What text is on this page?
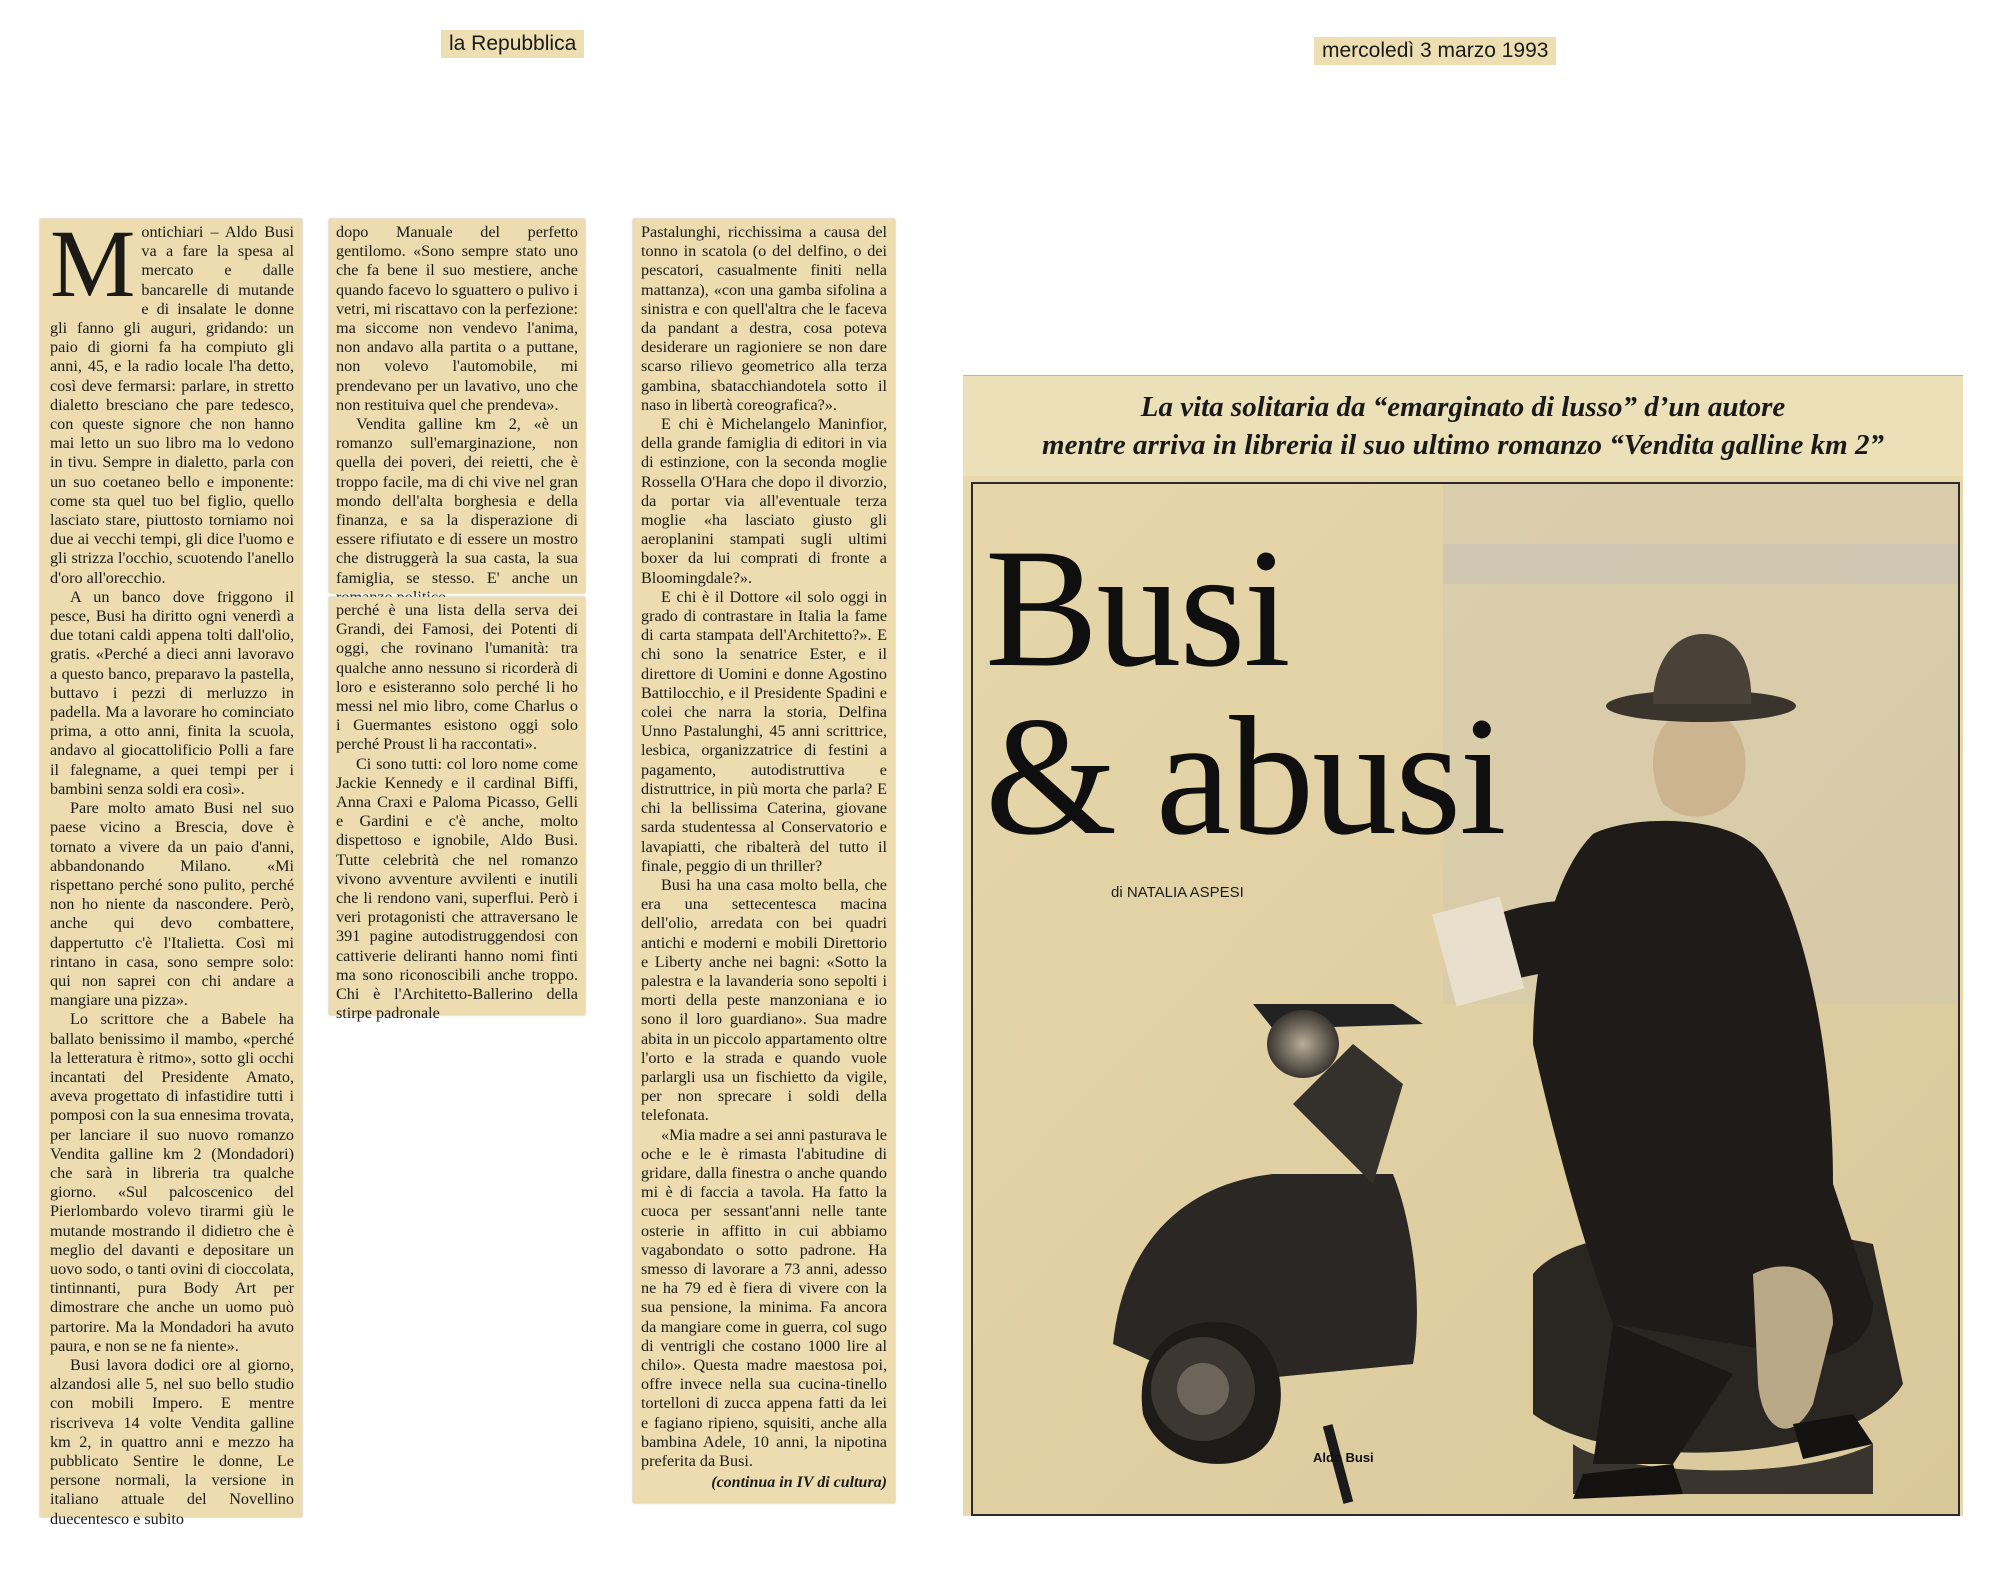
la Repubblica	mercoledì 3 marzo 1993
M ontichiari – Aldo Busi va a fare la spesa al mercato e dalle bancarelle di mutande e di insalate le donne gli fanno gli auguri, gridando: un paio di giorni fa ha compiuto gli anni, 45, e la radio locale l'ha detto, così deve fermarsi: parlare, in stretto dialetto bresciano che pare tedesco, con queste signore che non hanno mai letto un suo libro ma lo vedono in tivu. Sempre in dialetto, parla con un suo coetaneo bello e imponente: come sta quel tuo bel figlio, quello lasciato stare, piuttosto torniamo noi due ai vecchi tempi, gli dice l'uomo e gli strizza l'occhio, scuotendo l'anello d'oro all'orecchio.

A un banco dove friggono il pesce, Busi ha diritto ogni venerdì a due totani caldi appena tolti dall'olio, gratis. «Perché a dieci anni lavoravo a questo banco, preparavo la pastella, buttavo i pezzi di merluzzo in padella. Ma a lavorare ho cominciato prima, a otto anni, finita la scuola, andavo al giocattolificio Polli a fare il falegname, a quei tempi per i bambini senza soldi era così».

Pare molto amato Busi nel suo paese vicino a Brescia, dove è tornato a vivere da un paio d'anni, abbandonando Milano. «Mi rispettano perché sono pulito, perché non ho niente da nascondere. Però, anche qui devo combattere, dappertutto c'è l'Italietta. Così mi rintano in casa, sono sempre solo: qui non saprei con chi andare a mangiare una pizza».

Lo scrittore che a Babele ha ballato benissimo il mambo, «perché la letteratura è ritmo», sotto gli occhi incantati del Presidente Amato, aveva progettato di infastidire tutti i pomposi con la sua ennesima trovata, per lanciare il suo nuovo romanzo Vendita galline km 2 (Mondadori) che sarà in libreria tra qualche giorno. «Sul palcoscenico del Pierlombardo volevo tirarmi giù le mutande mostrando il didietro che è meglio del davanti e depositare un uovo sodo, o tanti ovini di cioccolata, tintinnanti, pura Body Art per dimostrare che anche un uomo può partorire. Ma la Mondadori ha avuto paura, e non se ne fa niente».

Busi lavora dodici ore al giorno, alzandosi alle 5, nel suo bello studio con mobili Impero. E mentre riscriveva 14 volte Vendita galline km 2, in quattro anni e mezzo ha pubblicato Sentire le donne, Le persone normali, la versione in italiano attuale del Novellino duecentesco e subito

dopo Manuale del perfetto gentilomo. «Sono sempre stato uno che fa bene il suo mestiere, anche quando facevo lo sguattero o pulivo i vetri, mi riscattavo con la perfezione: ma siccome non vendevo l'anima, non andavo alla partita o a puttane, non volevo l'automobile, mi prendevano per un lavativo, uno che non restituiva quel che prendeva».

Vendita galline km 2, «è un romanzo sull'emarginazione, non quella dei poveri, dei reietti, che è troppo facile, ma di chi vive nel gran mondo dell'alta borghesia e della finanza, e sa la disperazione di essere rifiutato e di essere un mostro che distruggerà la sua casta, la sua famiglia, se stesso. E' anche un

perché è una lista della serva dei Grandi, dei Famosi, dei Potenti di oggi, che rovinano l'umanità: tra qualche anno nessuno si ricorderà di loro e esisteranno solo perché li ho messi nel mio libro, come Charlus o i Guermantes esistono oggi solo perché Proust li ha raccontati».

Ci sono tutti: col loro nome come Jackie Kennedy e il cardinal Biffi, Anna Craxi e Paloma Picasso, Gelli e Gardini e c'è anche, molto dispettoso e ignobile, Aldo Busi. Tutte celebrità che nel romanzo vivono avventure avvilenti e inutili che li rendono vani, superflui. Però i veri protagonisti che attraversano le 391 pagine autodistruggendosi con cattiverie deliranti hanno nomi finti ma sono riconoscibili anche troppo. Chi è l'Architetto-Ballerino della stirpe padronale

Pastalunghi, ricchissima a causa del tonno in scatola (o del delfino, o dei pescatori, casualmente finiti nella mattanza), «con una gamba sifolina a sinistra e con quell'altra che le faceva da pandant a destra, cosa poteva desiderare un ragioniere se non dare scarso rilievo geometrico alla terza gambina, sbatacchiandotela sotto il naso in libertà coreografica?».

E chi è Michelangelo Maninfior, della grande famiglia di editori in via di estinzione, con la seconda moglie Rossella O'Hara che dopo il divorzio, da portar via all'eventuale terza moglie «ha lasciato giusto gli aeroplanini stampati sugli ultimi boxer da lui comprati di fronte a Bloomingdale?».

E chi è il Dottore «il solo oggi in grado di contrastare in Italia la fame di carta stampata dell'Architetto?». E chi sono la senatrice Ester, e il direttore di Uomini e donne Agostino Battilocchio, e il Presidente Spadini e colei che narra la storia, Delfina Unno Pastalunghi, 45 anni scrittrice, lesbica, organizzatrice di festini a pagamento, autodistruttiva e distruttrice, in più morta che parla? E chi la bellissima Caterina, giovane sarda studentessa al Conservatorio e lavapiatti, che ribalterà del tutto il finale, peggio di un thriller?

Busi ha una casa molto bella, che era una settecentesca macina dell'olio, arredata con bei quadri antichi e moderni e mobili Direttorio e Liberty anche nei bagni: «Sotto la palestra e la lavanderia sono sepolti i morti della peste manzoniana e io sono il loro guardiano». Sua madre abita in un piccolo appartamento oltre l'orto e la strada e quando vuole parlargli usa un fischietto da vigile, per non sprecare i soldi della telefonata.

«Mia madre a sei anni pasturava le oche e le è rimasta l'abitudine di gridare, dalla finestra o anche quando mi è di faccia a tavola. Ha fatto la cuoca per sessant'anni nelle tante osterie in affitto in cui abbiamo vagabondato o sotto padrone. Ha smesso di lavorare a 73 anni, adesso ne ha 79 ed è fiera di vivere con la sua pensione, la minima. Fa ancora da mangiare come in guerra, col sugo di ventrigli che costano 1000 lire al chilo». Questa madre maestosa poi, offre invece nella sua cucina-tinello tortelloni di zucca appena fatti da lei e fagiano ripieno, squisiti, anche alla bambina Adele, 10 anni, la nipotina preferita da Busi.

(continua in IV di cultura)
La vita solitaria da “emarginato di lusso” d’un autore
mentre arriva in libreria il suo ultimo romanzo “Vendita galline km 2”
Busi
& abusi
di NATALIA ASPESI
Aldo Busi
